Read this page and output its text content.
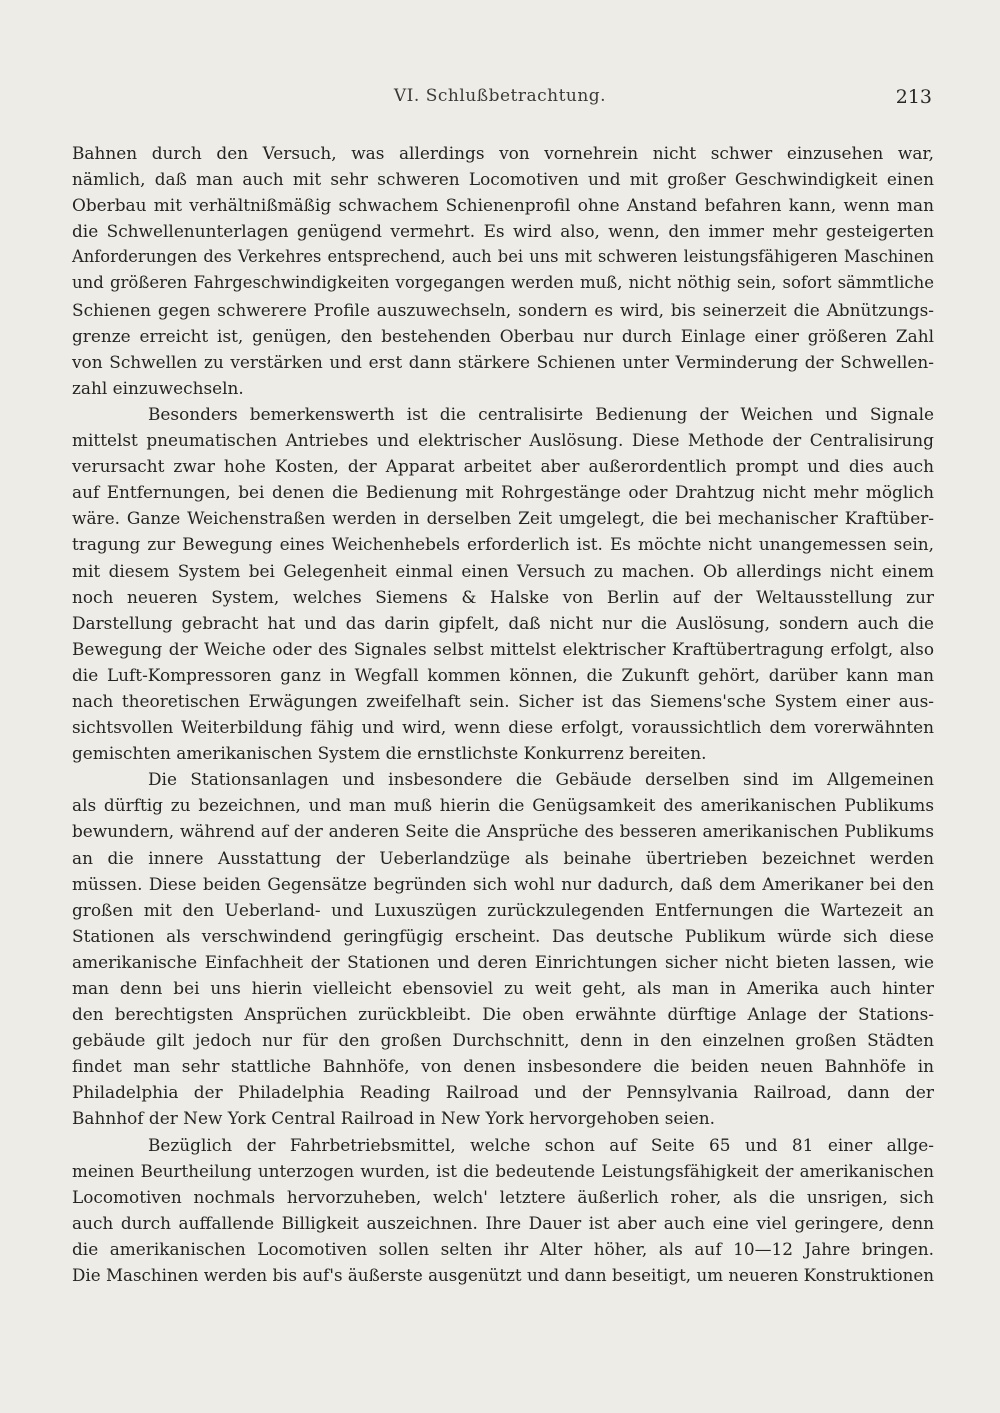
VI. Schlußbetrachtung.	213
Bahnen durch den Versuch, was allerdings von vornehrein nicht schwer einzusehen war,
nämlich, daß man auch mit sehr schweren Locomotiven und mit großer Geschwindigkeit einen
Oberbau mit verhältnißmäßig schwachem Schienenprofil ohne Anstand befahren kann, wenn man
die Schwellenunterlagen genügend vermehrt. Es wird also, wenn, den immer mehr gesteigerten
Anforderungen des Verkehres entsprechend, auch bei uns mit schweren leistungsfähigeren Maschinen
und größeren Fahrgeschwindigkeiten vorgegangen werden muß, nicht nöthig sein, sofort sämmtliche
Schienen gegen schwerere Profile auszuwechseln, sondern es wird, bis seinerzeit die Abnützungs-
grenze erreicht ist, genügen, den bestehenden Oberbau nur durch Einlage einer größeren Zahl
von Schwellen zu verstärken und erst dann stärkere Schienen unter Verminderung der Schwellen-
zahl einzuwechseln.
Besonders bemerkenswerth ist die centralisirte Bedienung der Weichen und Signale
mittelst pneumatischen Antriebes und elektrischer Auslösung. Diese Methode der Centralisirung
verursacht zwar hohe Kosten, der Apparat arbeitet aber außerordentlich prompt und dies auch
auf Entfernungen, bei denen die Bedienung mit Rohrgestänge oder Drahtzug nicht mehr möglich
wäre. Ganze Weichenstraßen werden in derselben Zeit umgelegt, die bei mechanischer Kraftüber-
tragung zur Bewegung eines Weichenhebels erforderlich ist. Es möchte nicht unangemessen sein,
mit diesem System bei Gelegenheit einmal einen Versuch zu machen. Ob allerdings nicht einem
noch neueren System, welches Siemens & Halske von Berlin auf der Weltausstellung zur
Darstellung gebracht hat und das darin gipfelt, daß nicht nur die Auslösung, sondern auch die
Bewegung der Weiche oder des Signales selbst mittelst elektrischer Kraftübertragung erfolgt, also
die Luft-Kompressoren ganz in Wegfall kommen können, die Zukunft gehört, darüber kann man
nach theoretischen Erwägungen zweifelhaft sein. Sicher ist das Siemens'sche System einer aus-
sichtsvollen Weiterbildung fähig und wird, wenn diese erfolgt, voraussichtlich dem vorerwähnten
gemischten amerikanischen System die ernstlichste Konkurrenz bereiten.
Die Stationsanlagen und insbesondere die Gebäude derselben sind im Allgemeinen
als dürftig zu bezeichnen, und man muß hierin die Genügsamkeit des amerikanischen Publikums
bewundern, während auf der anderen Seite die Ansprüche des besseren amerikanischen Publikums
an die innere Ausstattung der Ueberlandzüge als beinahe übertrieben bezeichnet werden
müssen. Diese beiden Gegensätze begründen sich wohl nur dadurch, daß dem Amerikaner bei den
großen mit den Ueberland- und Luxuszügen zurückzulegenden Entfernungen die Wartezeit an
Stationen als verschwindend geringfügig erscheint. Das deutsche Publikum würde sich diese
amerikanische Einfachheit der Stationen und deren Einrichtungen sicher nicht bieten lassen, wie
man denn bei uns hierin vielleicht ebensoviel zu weit geht, als man in Amerika auch hinter
den berechtigsten Ansprüchen zurückbleibt. Die oben erwähnte dürftige Anlage der Stations-
gebäude gilt jedoch nur für den großen Durchschnitt, denn in den einzelnen großen Städten
findet man sehr stattliche Bahnhöfe, von denen insbesondere die beiden neuen Bahnhöfe in
Philadelphia der Philadelphia Reading Railroad und der Pennsylvania Railroad, dann der
Bahnhof der New York Central Railroad in New York hervorgehoben seien.
Bezüglich der Fahrbetriebsmittel, welche schon auf Seite 65 und 81 einer allge-
meinen Beurtheilung unterzogen wurden, ist die bedeutende Leistungsfähigkeit der amerikanischen
Locomotiven nochmals hervorzuheben, welch' letztere äußerlich roher, als die unsrigen, sich
auch durch auffallende Billigkeit auszeichnen. Ihre Dauer ist aber auch eine viel geringere, denn
die amerikanischen Locomotiven sollen selten ihr Alter höher, als auf 10—12 Jahre bringen.
Die Maschinen werden bis auf's äußerste ausgenützt und dann beseitigt, um neueren Konstruktionen
